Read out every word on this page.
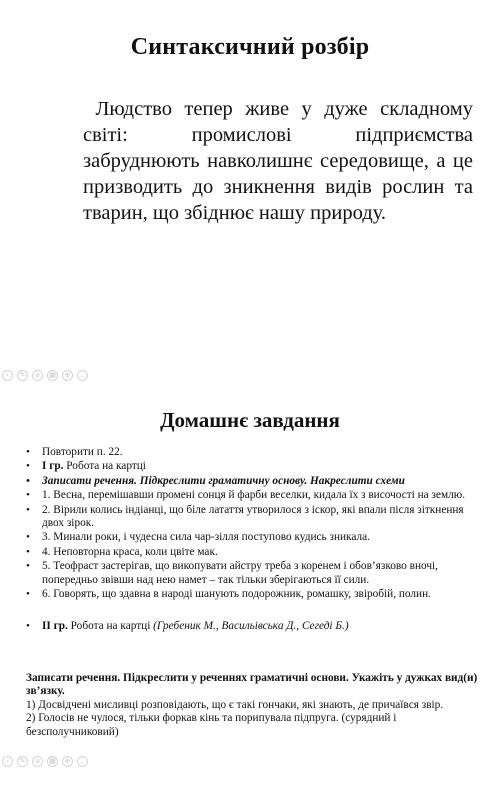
Синтаксичний розбір
Людство тепер живе у дуже складному світі: промислові підприємства забруднюють навколишнє середовище, а це призводить до зникнення видів рослин та тварин, що збіднює нашу природу.
‹	✎	⌀	▦	⊕	…
Домашнє завдання
• Повторити п. 22.
• І гр. Робота на картці
• Записати речення. Підкреслити граматичну основу. Накреслити схеми
• 1. Весна, перемішавши промені сонця й фарби веселки, кидала їх з височості на землю.
• 2. Вірили колись індіанці, що біле латаття утворилося з іскор, які впали після зіткнення двох зірок.
• 3. Минали роки, і чудесна сила чар-зілля поступово кудись зникала.
• 4. Неповторна краса, коли цвіте мак.
• 5. Теофраст застерігав, що викопувати айстру треба з коренем і обов’язково вночі, попередньо звівши над нею намет – так тільки зберігаються її сили.
• 6. Говорять, що здавна в народі шанують подорожник, ромашку, звіробій, полин.
• ІІ гр. Робота на картці (Гребеник М., Васильівська Д., Сегеді Б.)

Записати речення. Підкреслити у реченнях граматичні основи. Укажіть у дужках вид(и) зв’язку.

1) Досвідчені мисливці розповідають, що є такі гончаки, які знають, де причаївся звір.

2) Голосів не чулося, тільки форкав кінь та порипувала підпруга. (сурядний і безсполучниковий)

‹	✎	⌀	▦	⊕	…
